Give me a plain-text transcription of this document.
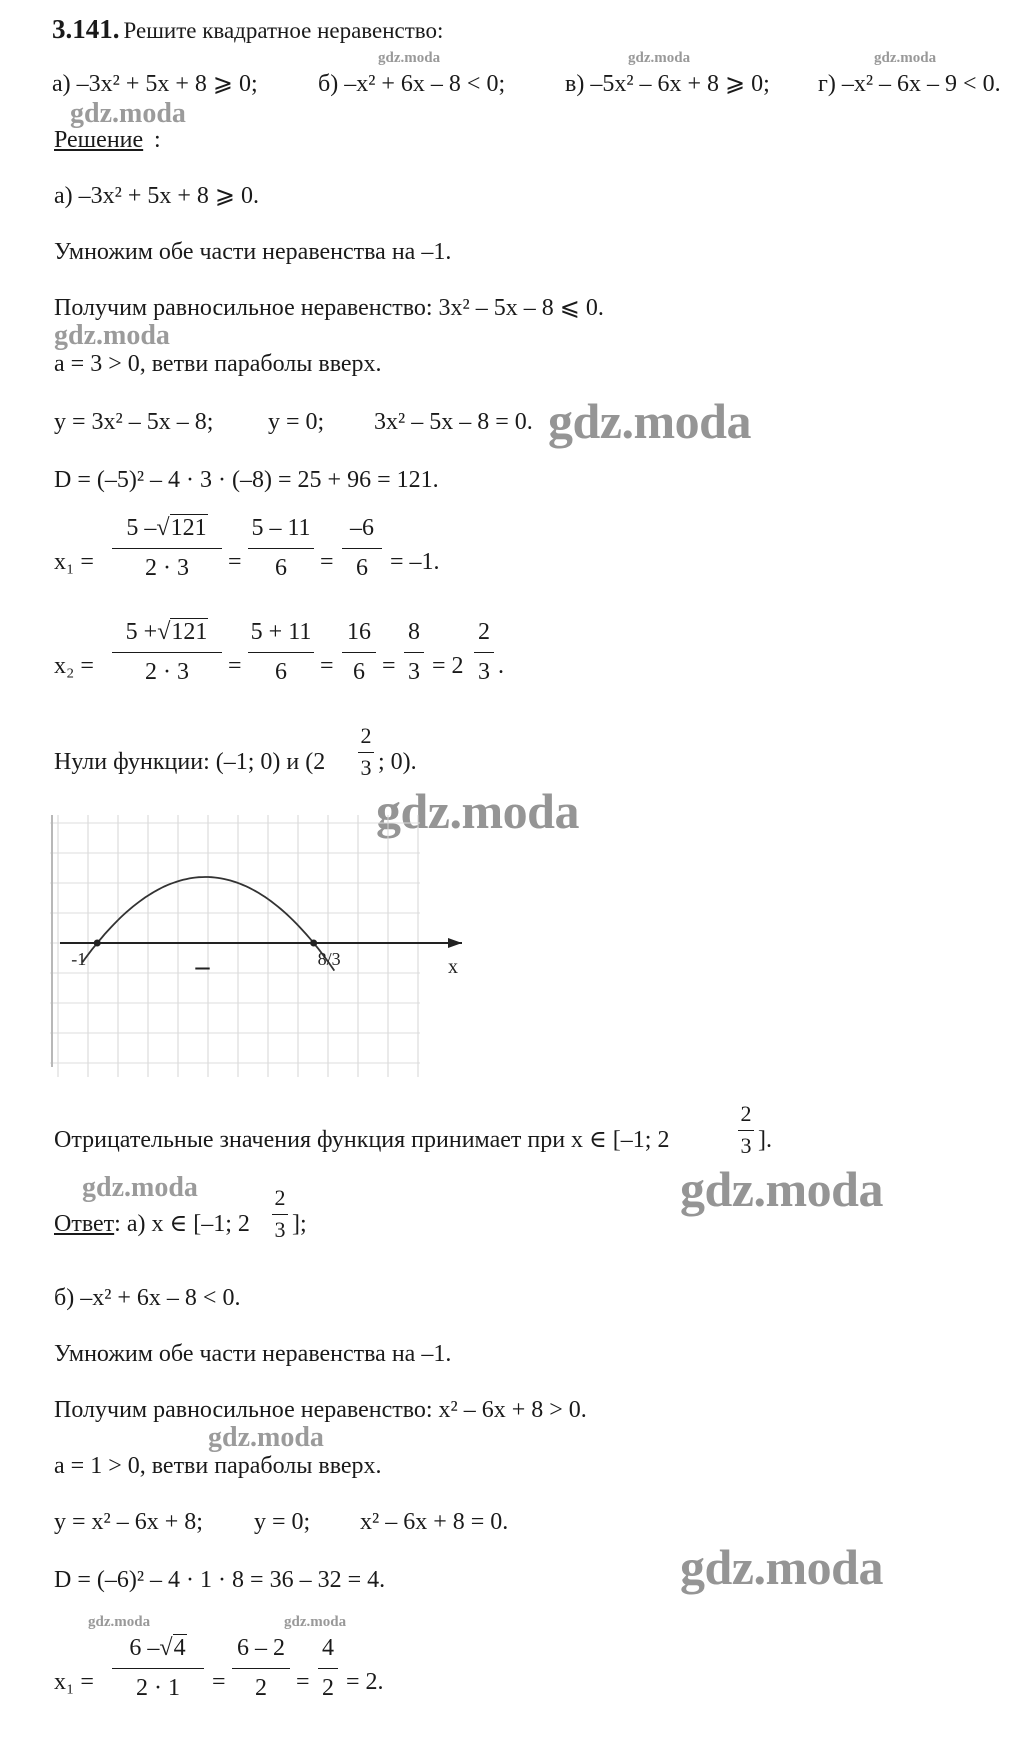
3.141. Решите квадратное неравенство:
а) –3x² + 5x + 8 ⩾ 0;	б) –x² + 6x – 8 < 0; в) –5x² – 6x + 8 ⩾ 0; г) –x² – 6x – 9 < 0.
gdz.moda	gdz.moda	gdz.moda
gdz.moda
Решение :
а) –3x² + 5x + 8 ⩾ 0.
Умножим обе части неравенства на –1.
Получим равносильное неравенство: 3x² – 5x – 8 ⩽ 0.
gdz.moda
a = 3 > 0, ветви параболы вверх.
y = 3x² – 5x – 8; y = 0; 3x² – 5x – 8 = 0. gdz.moda
D = (–5)² – 4 · 3 · (–8) = 25 + 96 = 121.
x₁ =
5 –√121
2 · 3	=
5 – 11
6	=
–6
6 = –1.
x₂ =
5 +√121
2 · 3	=
5 + 11
6	=
16
6 =
8
3 = 2
2
3 .
Нули функции: (–1; 0) и (2
2
3 ; 0).
gdz.moda
-1	8/3
–	x
Отрицательные значения функция принимает при x ∈ [–1; 2
2
3 ].
gdz.moda	gdz.moda
Ответ: а) x ∈ [–1; 2
2
3 ];
б) –x² + 6x – 8 < 0.
Умножим обе части неравенства на –1.
Получим равносильное неравенство: x² – 6x + 8 > 0.
gdz.moda
a = 1 > 0, ветви параболы вверх.
y = x² – 6x + 8; y = 0; x² – 6x + 8 = 0.
gdz.moda
D = (–6)² – 4 · 1 · 8 = 36 – 32 = 4.
gdz.moda	gdz.moda
x₁ =
6 –√4
2 · 1	=
6 – 2
2	=
4
2 = 2.
